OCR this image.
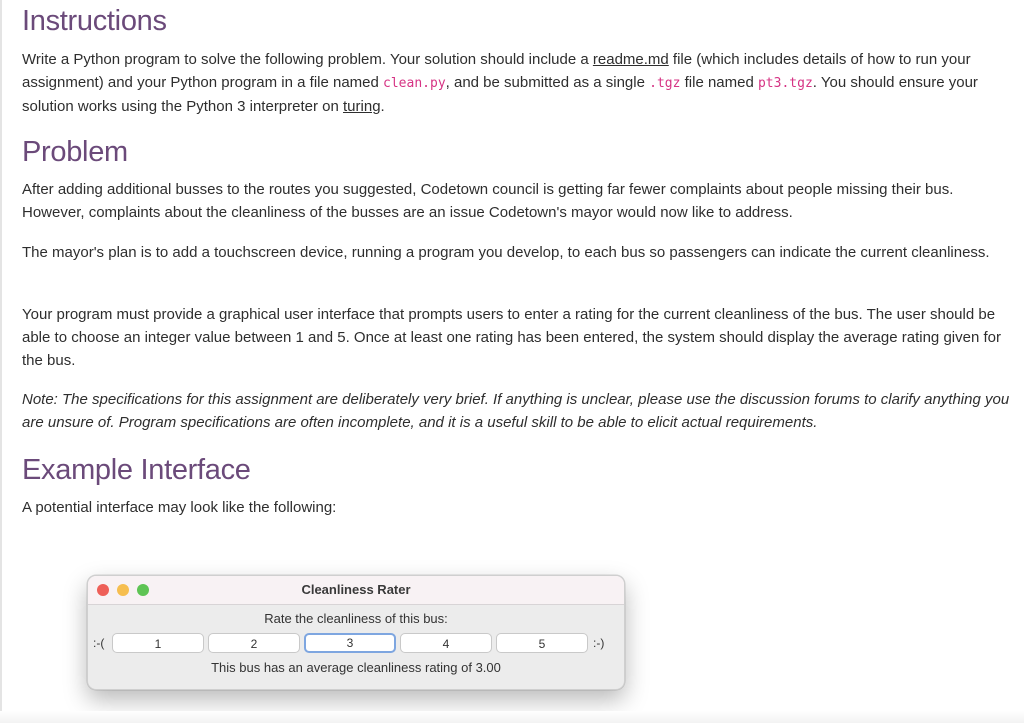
Instructions

Write a Python program to solve the following problem. Your solution should include a readme.md file (which includes details of how to run your assignment) and your Python program in a file named clean.py, and be submitted as a single .tgz file named pt3.tgz. You should ensure your solution works using the Python 3 interpreter on turing.

Problem

After adding additional busses to the routes you suggested, Codetown council is getting far fewer complaints about people missing their bus. However, complaints about the cleanliness of the busses are an issue Codetown's mayor would now like to address.

The mayor's plan is to add a touchscreen device, running a program you develop, to each bus so passengers can indicate the current cleanliness.

Your program must provide a graphical user interface that prompts users to enter a rating for the current cleanliness of the bus. The user should be able to choose an integer value between 1 and 5. Once at least one rating has been entered, the system should display the average rating given for the bus.

Note: The specifications for this assignment are deliberately very brief. If anything is unclear, please use the discussion forums to clarify anything you are unsure of. Program specifications are often incomplete, and it is a useful skill to be able to elicit actual requirements.

Example Interface

A potential interface may look like the following:

Cleanliness Rater
Rate the cleanliness of this bus:
:-(	1	2	3	4	5	:-)
This bus has an average cleanliness rating of 3.00
